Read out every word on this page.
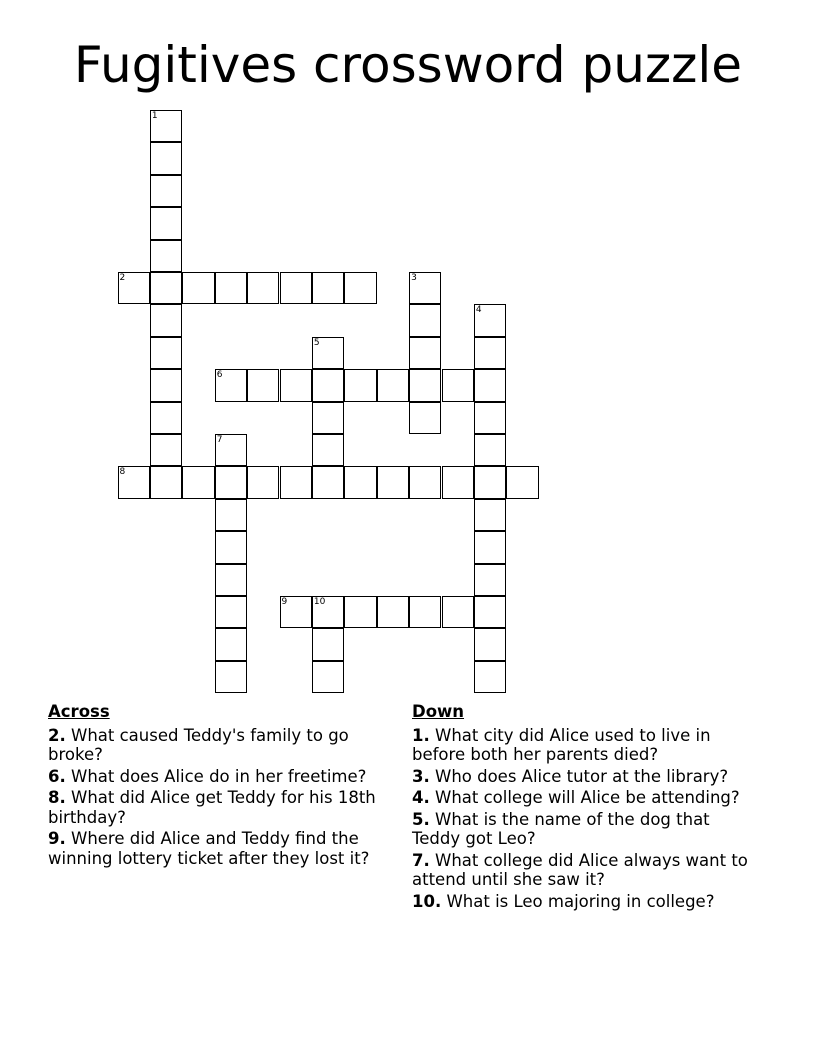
Fugitives crossword puzzle
1
2	3
4
5
6
7
8
9	10
Across
2. What caused Teddy's family to go broke?
6. What does Alice do in her freetime?
8. What did Alice get Teddy for his 18th birthday?
9. Where did Alice and Teddy find the winning lottery ticket after they lost it?
Down
1. What city did Alice used to live in before both her parents died?
3. Who does Alice tutor at the library?
4. What college will Alice be attending?
5. What is the name of the dog that Teddy got Leo?
7. What college did Alice always want to attend until she saw it?
10. What is Leo majoring in college?
